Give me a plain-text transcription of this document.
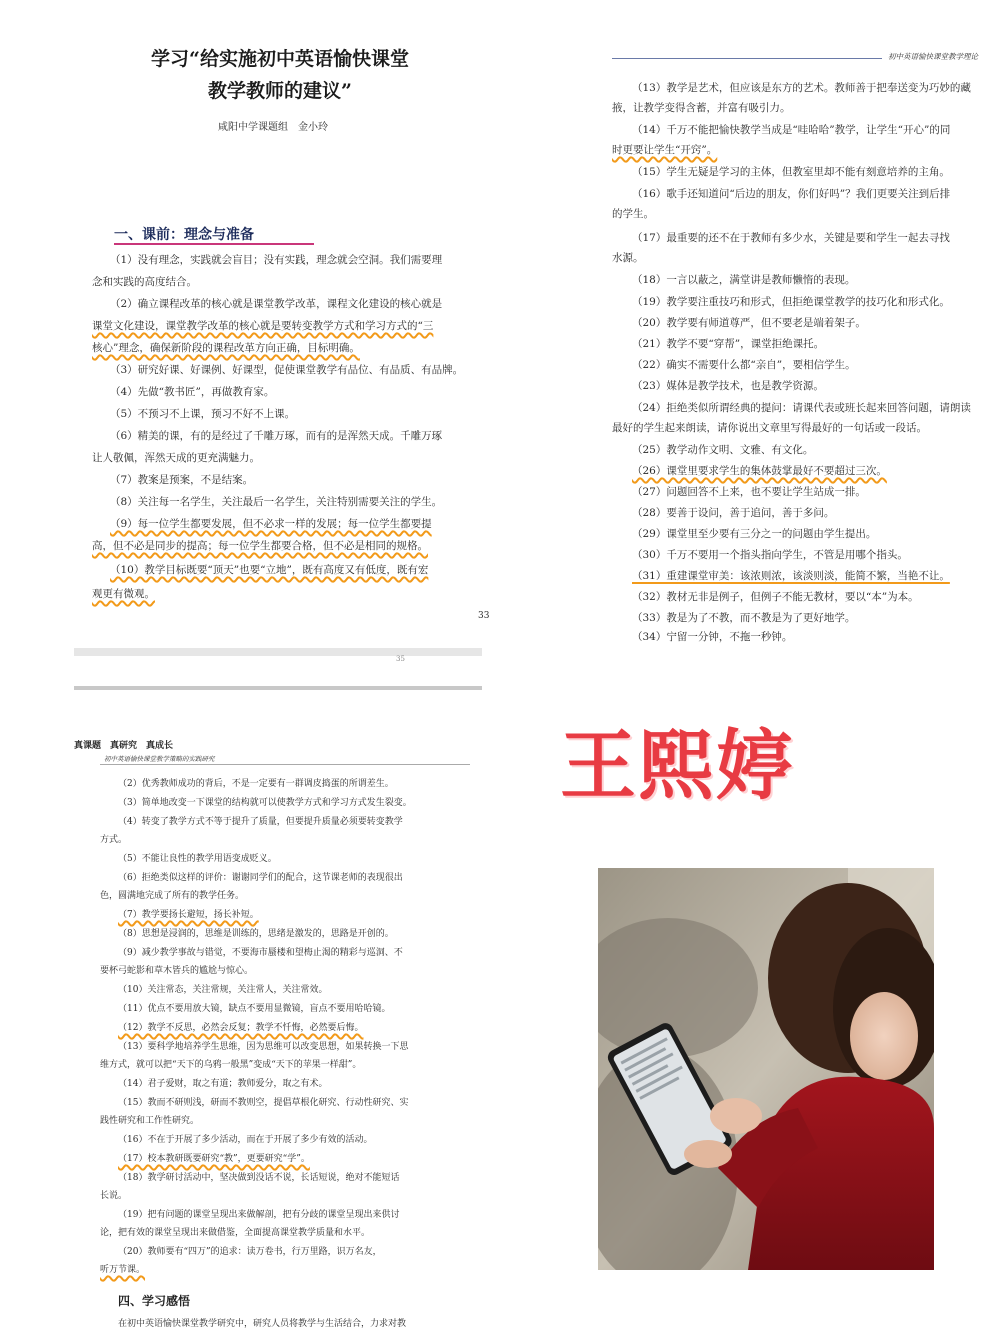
学习“给实施初中英语愉快课堂
教学教师的建议”
咸阳中学课题组　金小玲
一、课前：理念与准备
（1）没有理念，实践就会盲目；没有实践，理念就会空洞。我们需要理
念和实践的高度结合。
（2）确立课程改革的核心就是课堂教学改革，课程文化建设的核心就是
课堂文化建设，课堂教学改革的核心就是要转变教学方式和学习方式的“三
核心”理念，确保新阶段的课程改革方向正确，目标明确。
（3）研究好课、好课例、好课型，促使课堂教学有品位、有品质、有品牌。
（4）先做“教书匠”，再做教育家。
（5）不预习不上课，预习不好不上课。
（6）精美的课，有的是经过了千雕万琢，而有的是浑然天成。千雕万琢
让人敬佩，浑然天成的更充满魅力。
（7）教案是预案，不是结案。
（8）关注每一名学生，关注最后一名学生，关注特别需要关注的学生。
（9）每一位学生都要发展，但不必求一样的发展；每一位学生都要提
高，但不必是同步的提高；每一位学生都要合格，但不必是相同的规格。
（10）教学目标既要“顶天”也要“立地”，既有高度又有低度，既有宏
观更有微观。
33
35
初中英语愉快课堂教学理论
（13）教学是艺术，但应该是东方的艺术。教师善于把奉送变为巧妙的藏
掖，让教学变得含蓄，并富有吸引力。
（14）千万不能把愉快教学当成是“哇哈哈”教学，让学生“开心”的同
时更要让学生“开窍”。
（15）学生无疑是学习的主体，但教室里却不能有刻意培养的主角。
（16）歌手还知道问“后边的朋友，你们好吗”？我们更要关注到后排
的学生。
（17）最重要的还不在于教师有多少水，关键是要和学生一起去寻找
水源。
（18）一言以蔽之，满堂讲是教师懒惰的表现。
（19）教学要注重技巧和形式，但拒绝课堂教学的技巧化和形式化。
（20）教学要有师道尊严，但不要老是端着架子。
（21）教学不要“穿帮”，课堂拒绝课托。
（22）确实不需要什么都“亲自”，要相信学生。
（23）媒体是教学技术，也是教学资源。
（24）拒绝类似所谓经典的提问：请课代表或班长起来回答问题，请朗读
最好的学生起来朗读，请你说出文章里写得最好的一句话或一段话。
（25）教学动作文明、文雅、有文化。
（26）课堂里要求学生的集体鼓掌最好不要超过三次。
（27）问题回答不上来，也不要让学生站成一排。
（28）要善于设问，善于追问，善于多问。
（29）课堂里至少要有三分之一的问题由学生提出。
（30）千万不要用一个指头指向学生，不管是用哪个指头。
（31）重建课堂审美：该浓则浓，该淡则淡，能简不繁，当艳不让。
（32）教材无非是例子，但例子不能无教材，要以“本”为本。
（33）教是为了不教，而不教是为了更好地学。
（34）宁留一分钟，不拖一秒钟。
真课题　真研究　真成长
初中英语愉快课堂教学策略的实践研究
（2）优秀教师成功的背后，不是一定要有一群调皮捣蛋的所谓差生。
（3）简单地改变一下课堂的结构就可以使教学方式和学习方式发生裂变。
（4）转变了教学方式不等于提升了质量，但要提升质量必须要转变教学
方式。
（5）不能让良性的教学用语变成贬义。
（6）拒绝类似这样的评价：谢谢同学们的配合，这节课老师的表现很出
色，圆满地完成了所有的教学任务。
（7）教学要扬长避短，扬长补短。
（8）思想是浸润的，思维是训练的，思绪是激发的，思路是开创的。
（9）减少教学事故与错觉，不要海市蜃楼和望梅止渴的精彩与巡洞、不
要杯弓蛇影和草木皆兵的尴尬与惊心。
（10）关注常态，关注常规，关注常人，关注常效。
（11）优点不要用放大镜，缺点不要用显微镜，盲点不要用哈哈镜。
（12）教学不反思，必然会反复；教学不忏悔，必然要后悔。
（13）要科学地培养学生思维，因为思维可以改变思想，如果转换一下思
维方式，就可以把“天下的乌鸦一般黑”变成“天下的苹果一样甜”。
（14）君子爱财，取之有道；教师爱分，取之有术。
（15）教而不研则浅，研而不教则空，提倡草根化研究、行动性研究、实
践性研究和工作性研究。
（16）不在于开展了多少活动，而在于开展了多少有效的活动。
（17）校本教研既要研究“教”，更要研究“学”。
（18）教学研讨活动中，坚决做到没话不说，长话短说，绝对不能短话
长说。
（19）把有问题的课堂呈现出来做解剖，把有分歧的课堂呈现出来供讨
论，把有效的课堂呈现出来做借鉴，全面提高课堂教学质量和水平。
（20）教师要有“四万”的追求：读万卷书，行万里路，识万名友，
听万节课。
四、学习感悟
在初中英语愉快课堂教学研究中，研究人员将教学与生活结合，力求对教
王熙婷
